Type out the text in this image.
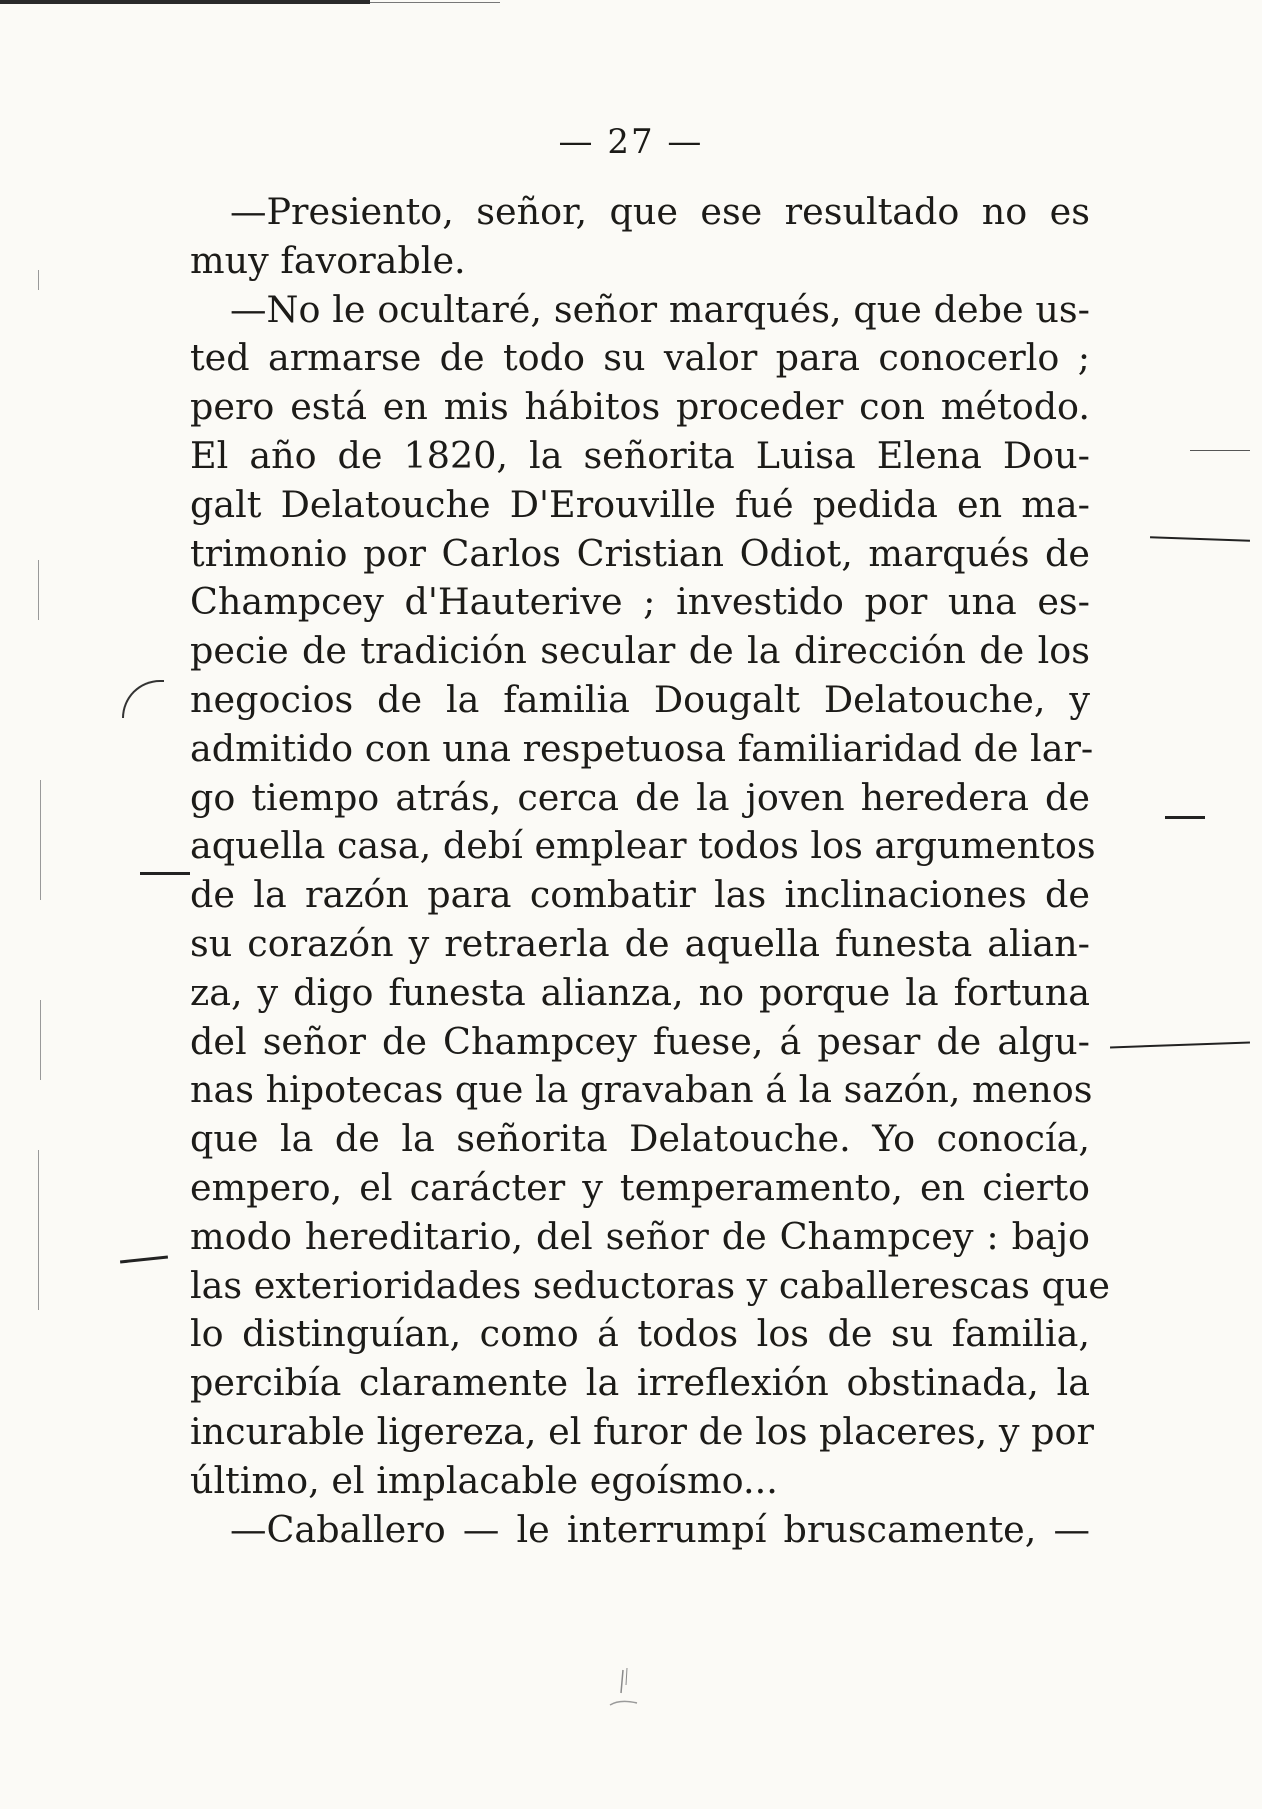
— 27 —
—Presiento, señor, que ese resultado no es
muy favorable.
—No le ocultaré, señor marqués, que debe us-
ted armarse de todo su valor para conocerlo ;
pero está en mis hábitos proceder con método.
El año de 1820, la señorita Luisa Elena Dou-
galt Delatouche D'Erouville fué pedida en ma-
trimonio por Carlos Cristian Odiot, marqués de
Champcey d'Hauterive ; investido por una es-
pecie de tradición secular de la dirección de los
negocios de la familia Dougalt Delatouche, y
admitido con una respetuosa familiaridad de lar-
go tiempo atrás, cerca de la joven heredera de
aquella casa, debí emplear todos los argumentos
de la razón para combatir las inclinaciones de
su corazón y retraerla de aquella funesta alian-
za, y digo funesta alianza, no porque la fortuna
del señor de Champcey fuese, á pesar de algu-
nas hipotecas que la gravaban á la sazón, menos
que la de la señorita Delatouche. Yo conocía,
empero, el carácter y temperamento, en cierto
modo hereditario, del señor de Champcey : bajo
las exterioridades seductoras y caballerescas que
lo distinguían, como á todos los de su familia,
percibía claramente la irreflexión obstinada, la
incurable ligereza, el furor de los placeres, y por
último, el implacable egoísmo...
—Caballero — le interrumpí bruscamente, —
